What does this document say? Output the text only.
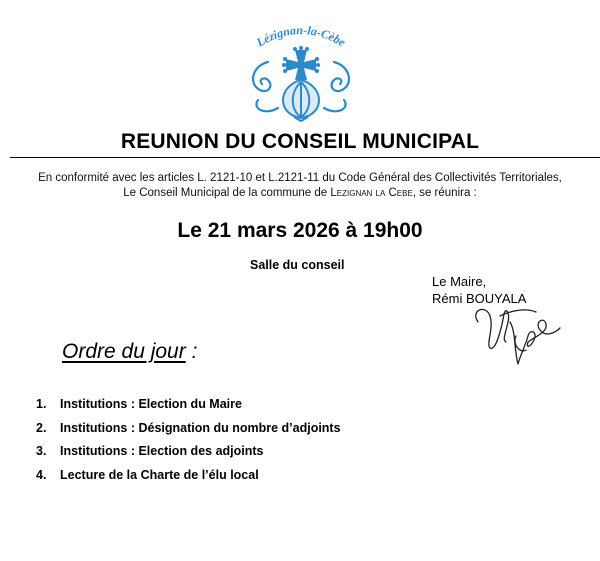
Lézignan-la-Cèbe
REUNION DU CONSEIL MUNICIPAL
En conformité avec les articles L. 2121-10 et L.2121-11 du Code Général des Collectivités Territoriales,
Le Conseil Municipal de la commune de Lezignan la Cebe, se réunira :
Le 21 mars 2026 à 19h00
Salle du conseil
Le Maire,
Rémi BOUYALA
Ordre du jour :
1. Institutions : Election du Maire
2. Institutions : Désignation du nombre d’adjoints
3. Institutions : Election des adjoints
4. Lecture de la Charte de l’élu local
